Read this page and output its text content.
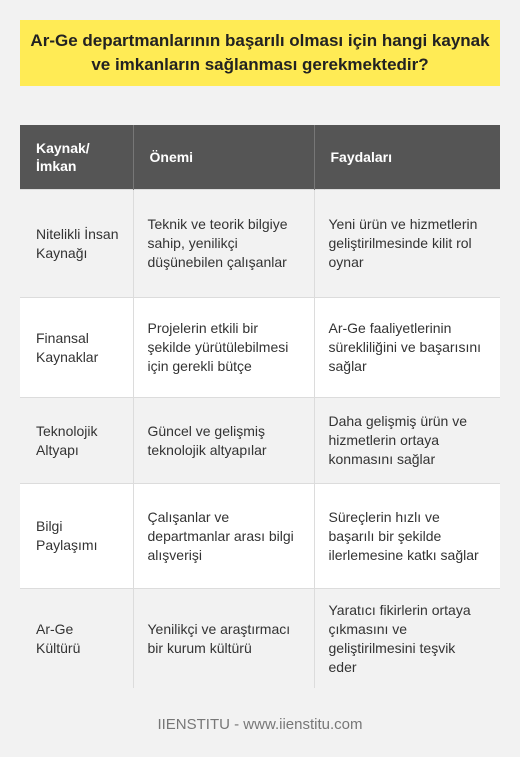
Ar-Ge departmanlarının başarılı olması için hangi kaynak ve imkanların sağlanması gerekmektedir?
Kaynak/ İmkan	Önemi	Faydaları
Nitelikli İnsan Kaynağı	Teknik ve teorik bilgiye sahip, yenilikçi düşünebilen çalışanlar	Yeni ürün ve hizmetlerin geliştirilmesinde kilit rol oynar
Finansal Kaynaklar	Projelerin etkili bir şekilde yürütülebilmesi için gerekli bütçe	Ar-Ge faaliyetlerinin sürekliliğini ve başarısını sağlar
Teknolojik Altyapı	Güncel ve gelişmiş teknolojik altyapılar	Daha gelişmiş ürün ve hizmetlerin ortaya konmasını sağlar
Bilgi Paylaşımı	Çalışanlar ve departmanlar arası bilgi alışverişi	Süreçlerin hızlı ve başarılı bir şekilde ilerlemesine katkı sağlar
Ar-Ge Kültürü	Yenilikçi ve araştırmacı bir kurum kültürü	Yaratıcı fikirlerin ortaya çıkmasını ve geliştirilmesini teşvik eder
IIENSTITU - www.iienstitu.com
